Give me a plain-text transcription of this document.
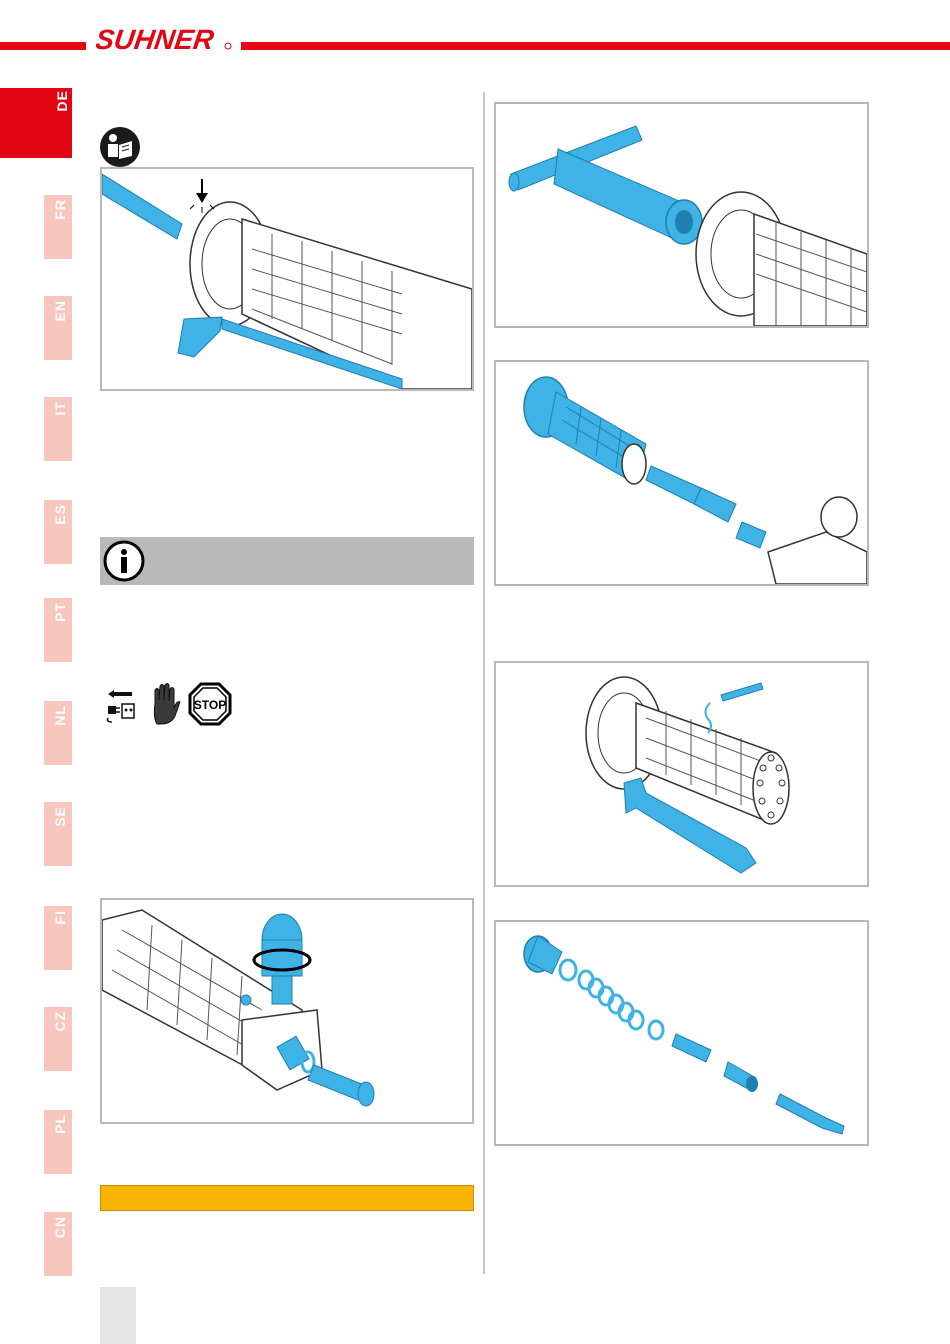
SUHNER
DE
FR
EN
IT
ES
PT
NL
SE
FI
CZ
PL
CN
STOP
